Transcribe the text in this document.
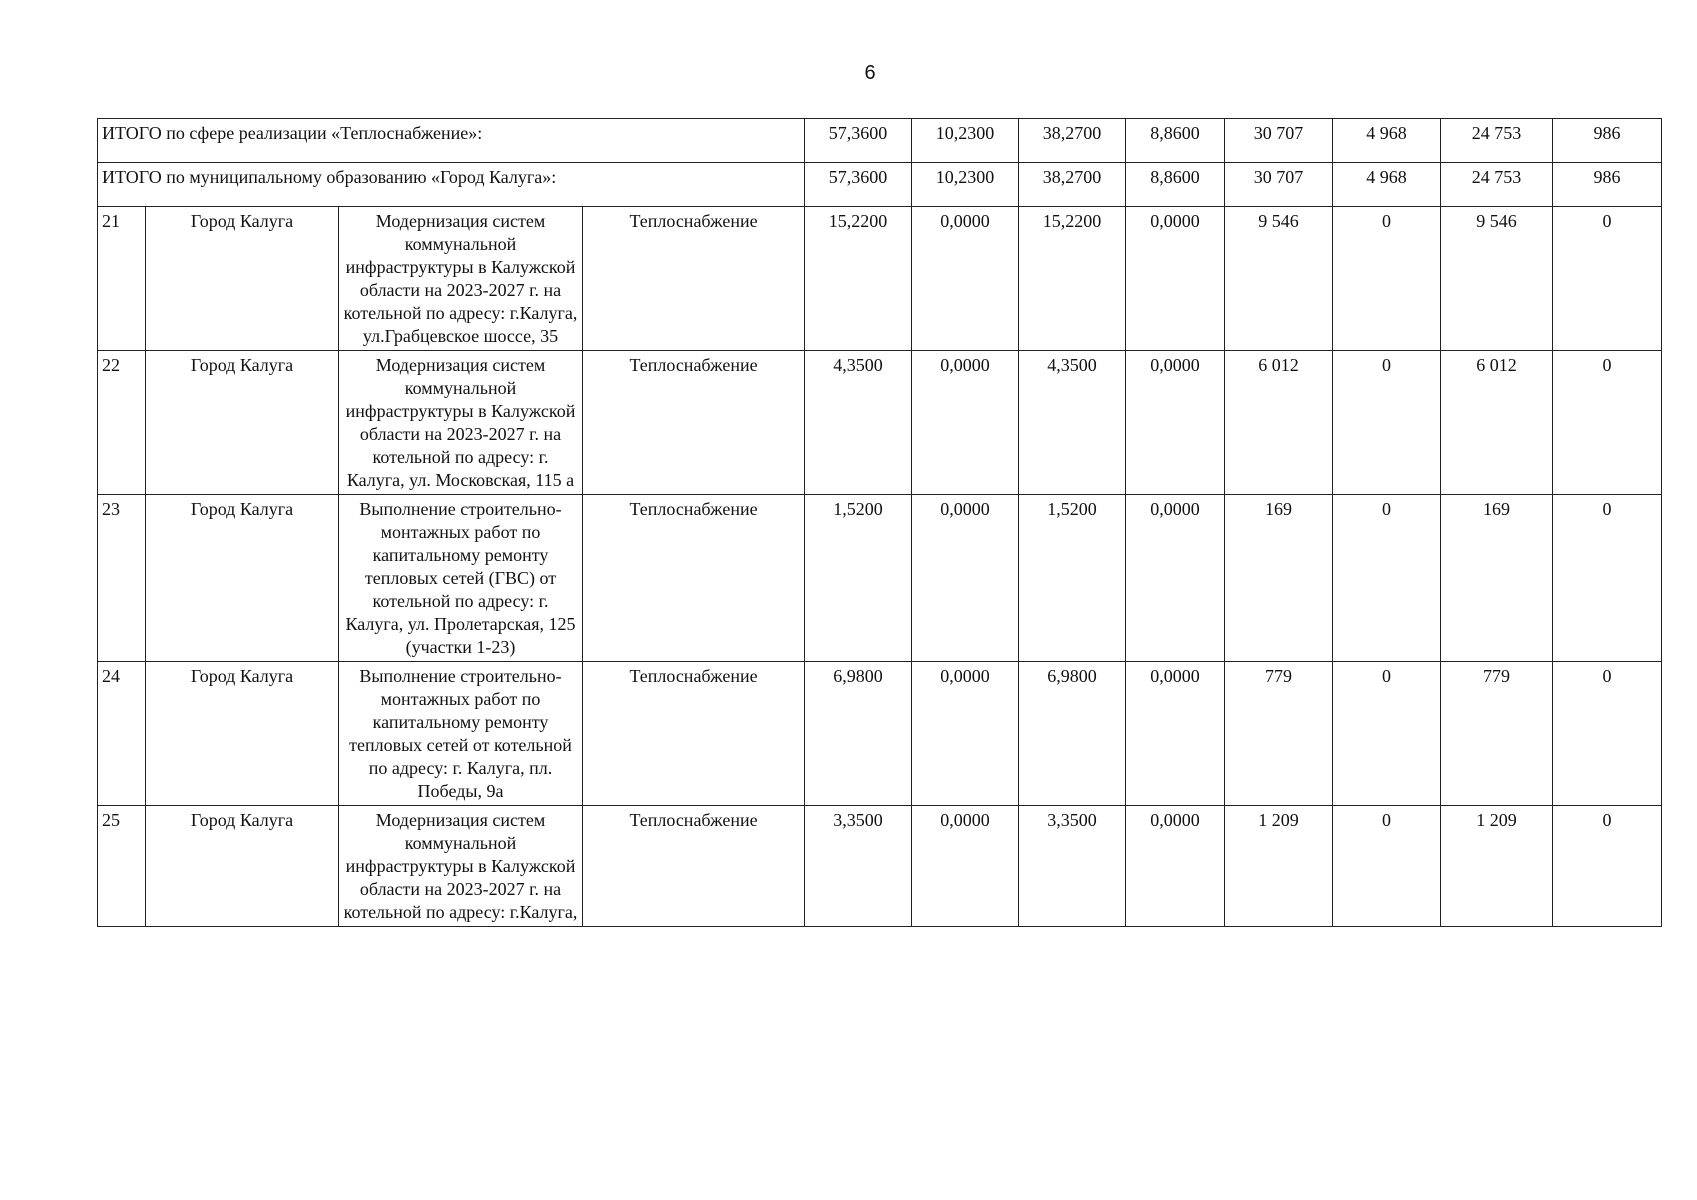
6
ИТОГО по сфере реализации «Теплоснабжение»:				57,3600	10,2300	38,2700	8,8600	30 707	4 968	24 753	986
ИТОГО по муниципальному образованию «Город Калуга»:				57,3600	10,2300	38,2700	8,8600	30 707	4 968	24 753	986
21	Город Калуга	Модернизация систем коммунальной инфраструктуры в Калужской области на 2023-2027 г. на котельной по адресу: г.Калуга, ул.Грабцевское шоссе, 35	Теплоснабжение	15,2200	0,0000	15,2200	0,0000	9 546	0	9 546	0
22	Город Калуга	Модернизация систем коммунальной инфраструктуры в Калужской области на 2023-2027 г. на котельной по адресу: г. Калуга, ул. Московская, 115 а	Теплоснабжение	4,3500	0,0000	4,3500	0,0000	6 012	0	6 012	0
23	Город Калуга	Выполнение строительно-монтажных работ по капитальному ремонту тепловых сетей (ГВС) от котельной по адресу: г. Калуга, ул. Пролетарская, 125 (участки 1-23)	Теплоснабжение	1,5200	0,0000	1,5200	0,0000	169	0	169	0
24	Город Калуга	Выполнение строительно-монтажных работ по капитальному ремонту тепловых сетей от котельной по адресу: г. Калуга, пл. Победы, 9а	Теплоснабжение	6,9800	0,0000	6,9800	0,0000	779	0	779	0
25	Город Калуга	Модернизация систем коммунальной инфраструктуры в Калужской области на 2023-2027 г. на котельной по адресу: г.Калуга,	Теплоснабжение	3,3500	0,0000	3,3500	0,0000	1 209	0	1 209	0
